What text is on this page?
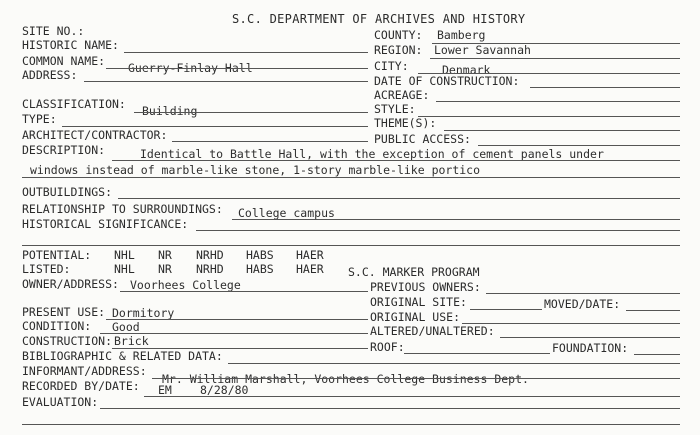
S.C. DEPARTMENT OF ARCHIVES AND HISTORY
SITE NO.:	COUNTY: Bamberg
HISTORIC NAME:	REGION: Lower Savannah
COMMON NAME: Guerry-Finlay Hall	CITY:	Denmark
ADDRESS:	DATE OF CONSTRUCTION:
ACREAGE:
CLASSIFICATION: Building	STYLE:
TYPE:	THEME(S):
ARCHITECT/CONTRACTOR:	PUBLIC ACCESS:
DESCRIPTION:	Identical to Battle Hall, with the exception of cement panels under
windows instead of marble-like stone, 1-story marble-like portico
OUTBUILDINGS:
RELATIONSHIP TO SURROUNDINGS: College campus
HISTORICAL SIGNIFICANCE:
POTENTIAL: NHL NR NRHD HABS HAER
LISTED:	NHL NR NRHD HABS HAER S.C. MARKER PROGRAM
OWNER/ADDRESS: Voorhees College	PREVIOUS OWNERS:
ORIGINAL SITE:	MOVED/DATE:
PRESENT USE: Dormitory	ORIGINAL USE:
CONDITION: Good	ALTERED/UNALTERED:
CONSTRUCTION: Brick	ROOF:	FOUNDATION:
BIBLIOGRAPHIC & RELATED DATA:
INFORMANT/ADDRESS:
Mr. William Marshall, Voorhees College Business Dept.
RECORDED BY/DATE: EM 8/28/80
EVALUATION:
